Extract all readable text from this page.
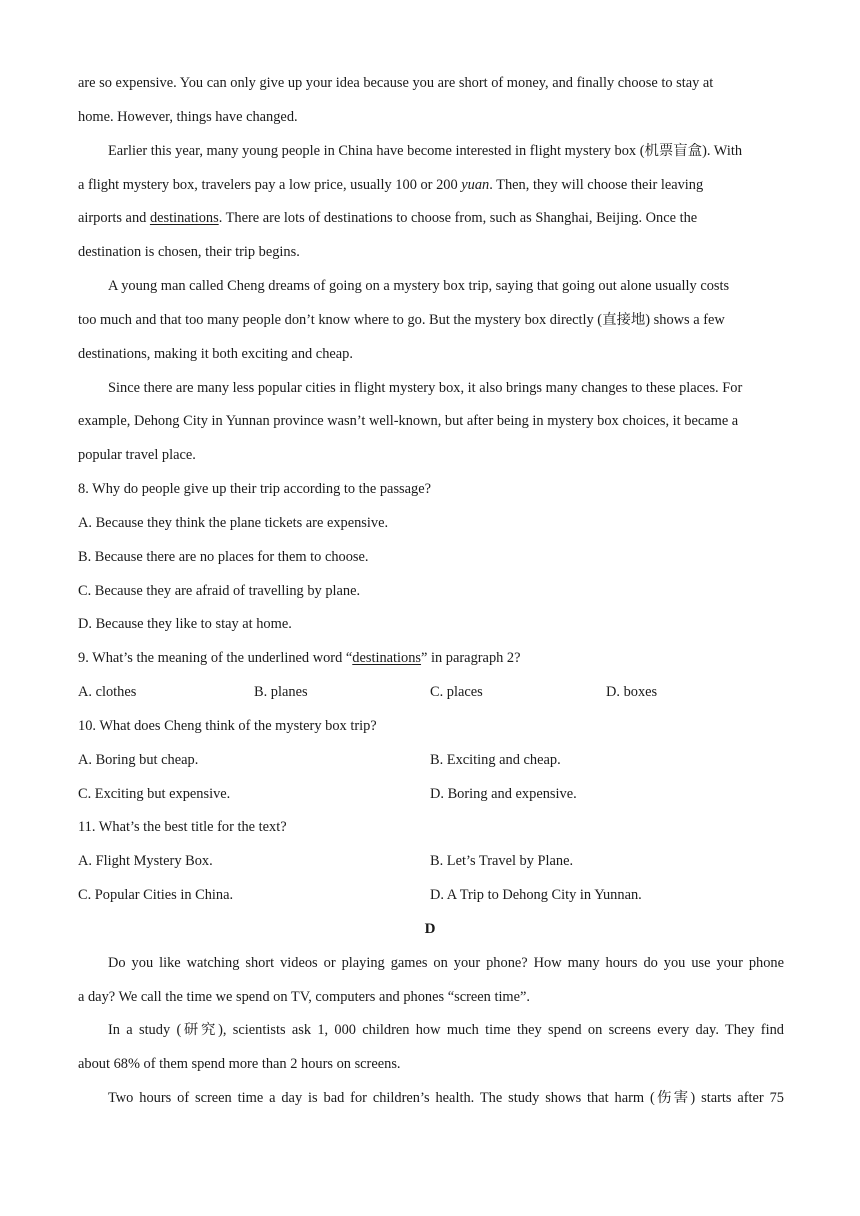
are so expensive. You can only give up your idea because you are short of money, and finally choose to stay at
home. However, things have changed.
Earlier this year, many young people in China have become interested in flight mystery box (机票盲盒). With
a flight mystery box, travelers pay a low price, usually 100 or 200 yuan. Then, they will choose their leaving
airports and destinations. There are lots of destinations to choose from, such as Shanghai, Beijing. Once the
destination is chosen, their trip begins.
A young man called Cheng dreams of going on a mystery box trip, saying that going out alone usually costs
too much and that too many people don’t know where to go. But the mystery box directly (直接地) shows a few
destinations, making it both exciting and cheap.
Since there are many less popular cities in flight mystery box, it also brings many changes to these places. For
example, Dehong City in Yunnan province wasn’t well-known, but after being in mystery box choices, it became a
popular travel place.
8. Why do people give up their trip according to the passage?
A. Because they think the plane tickets are expensive.
B. Because there are no places for them to choose.
C. Because they are afraid of travelling by plane.
D. Because they like to stay at home.
9. What’s the meaning of the underlined word “destinations” in paragraph 2?
A. clothes	B. planes	C. places	D. boxes
10. What does Cheng think of the mystery box trip?
A. Boring but cheap.	B. Exciting and cheap.
C. Exciting but expensive.	D. Boring and expensive.
11. What’s the best title for the text?
A. Flight Mystery Box.	B. Let’s Travel by Plane.
C. Popular Cities in China.	D. A Trip to Dehong City in Yunnan.
D
Do you like watching short videos or playing games on your phone? How many hours do you use your phone
a day? We call the time we spend on TV, computers and phones “screen time”.
In a study (研究), scientists ask 1, 000 children how much time they spend on screens every day. They find
about 68% of them spend more than 2 hours on screens.
Two hours of screen time a day is bad for children’s health. The study shows that harm (伤害) starts after 75
